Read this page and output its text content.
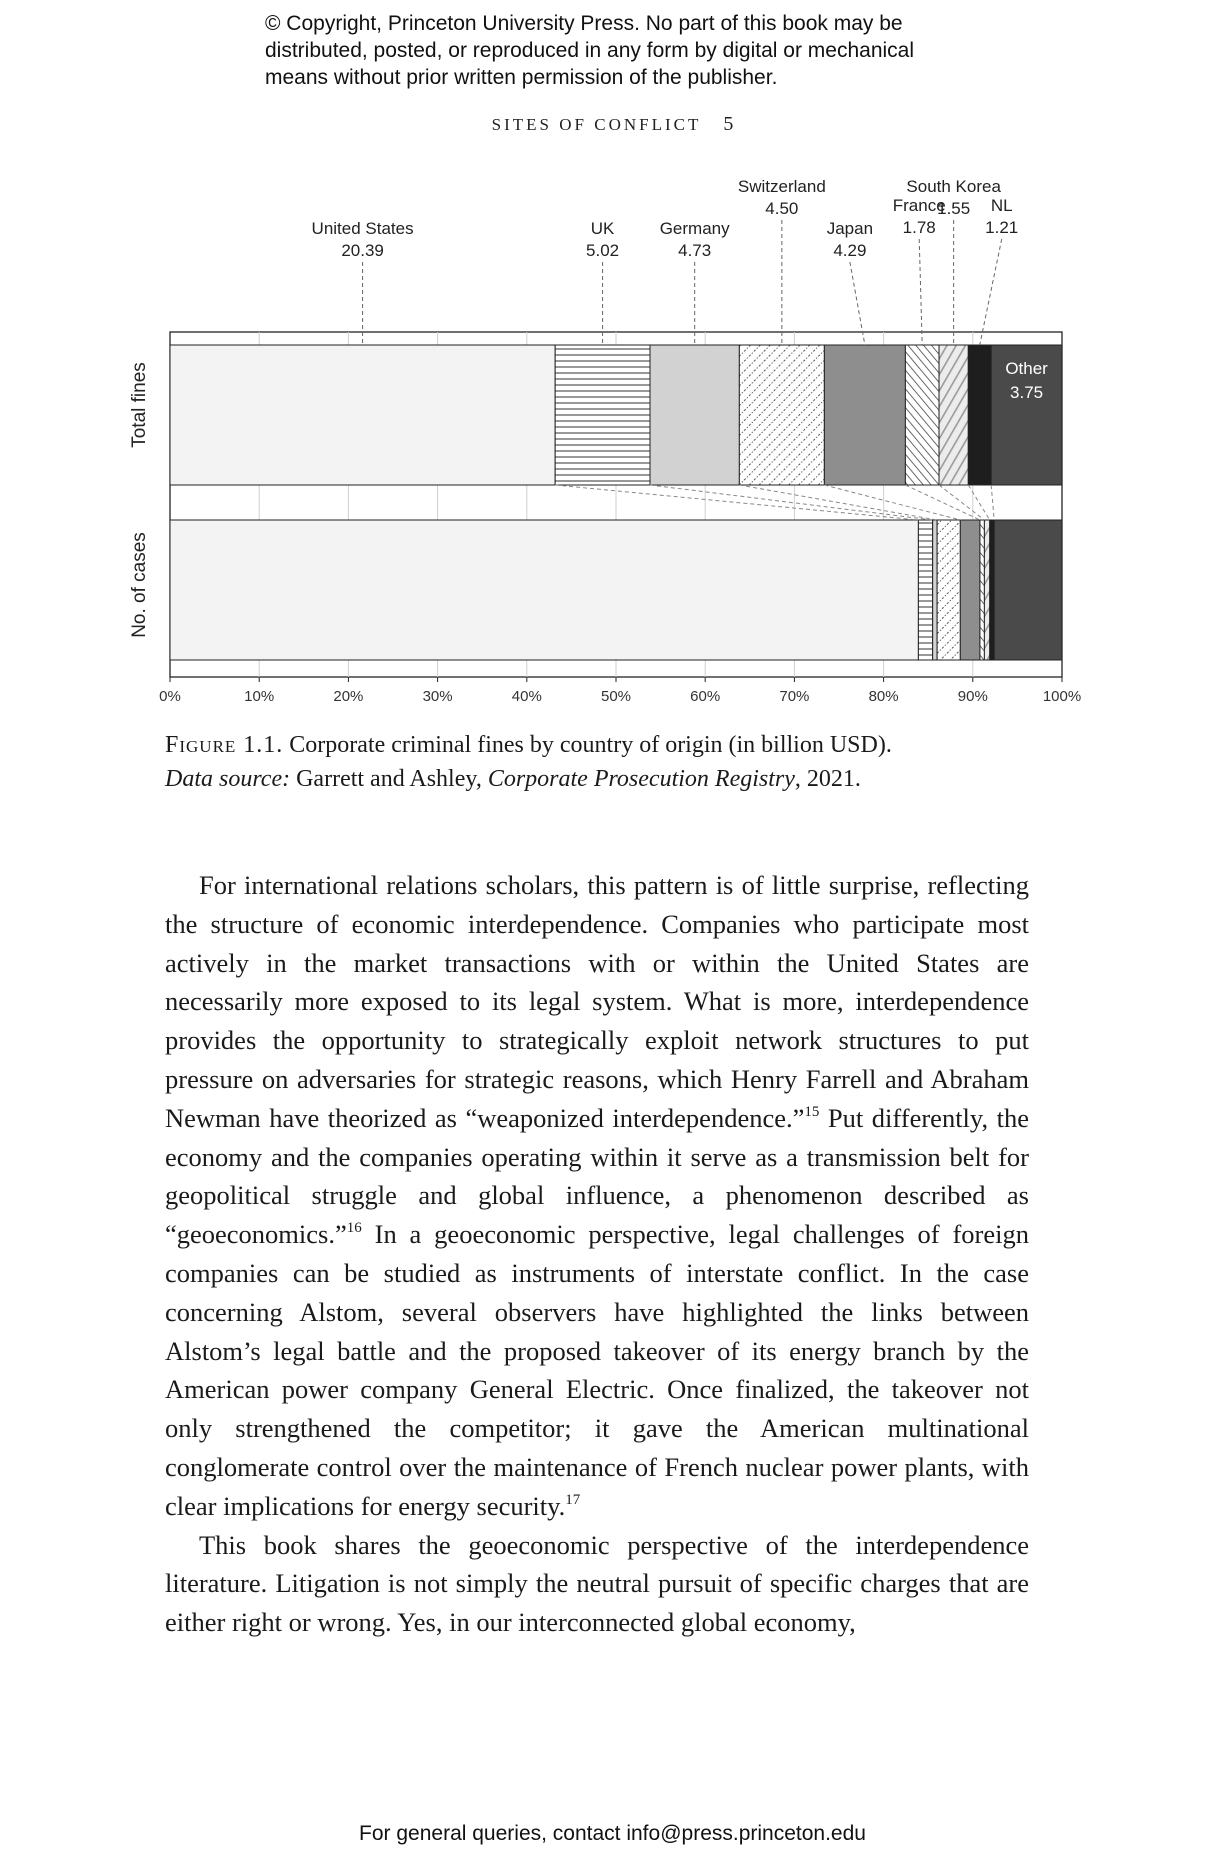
© Copyright, Princeton University Press. No part of this book may be
distributed, posted, or reproduced in any form by digital or mechanical
means without prior written permission of the publisher.
SITES OF CONFLICT 5
United States
20.39
UK
5.02
Germany
4.73
Switzerland
4.50
Japan
4.29
France
1.78
South Korea
1.55 NL
1.21
Other
3.75
0%	10%	20%	30%	40%	50%	60%	70%	80%	90%	100%
Total fines
No. of cases
Figure 1.1. Corporate criminal fines by country of origin (in billion USD).
Data source: Garrett and Ashley, Corporate Prosecution Registry, 2021.

For international relations scholars, this pattern is of little surprise, reflecting the structure of economic interdependence. Companies who participate most actively in the market transactions with or within the United States are necessarily more exposed to its legal system. What is more, interdependence provides the opportunity to strategically exploit network structures to put pressure on adversaries for strategic reasons, which Henry Farrell and Abraham Newman have theorized as “weaponized interdependence.”$^{15}$ Put differently, the economy and the companies operating within it serve as a transmission belt for geopolitical struggle and global influence, a phenomenon described as “geoeconomics.”$^{16}$ In a geoeconomic perspective, legal challenges of foreign companies can be studied as instruments of interstate conflict. In the case concerning Alstom, several observers have highlighted the links between Alstom’s legal battle and the proposed takeover of its energy branch by the American power company General Electric. Once finalized, the takeover not only strengthened the competitor; it gave the American multinational conglomerate control over the maintenance of French nuclear power plants, with clear implications for energy security.$^{17}$

This book shares the geoeconomic perspective of the interdependence literature. Litigation is not simply the neutral pursuit of specific charges that are either right or wrong. Yes, in our interconnected global economy,

For general queries, contact info@press.princeton.edu
